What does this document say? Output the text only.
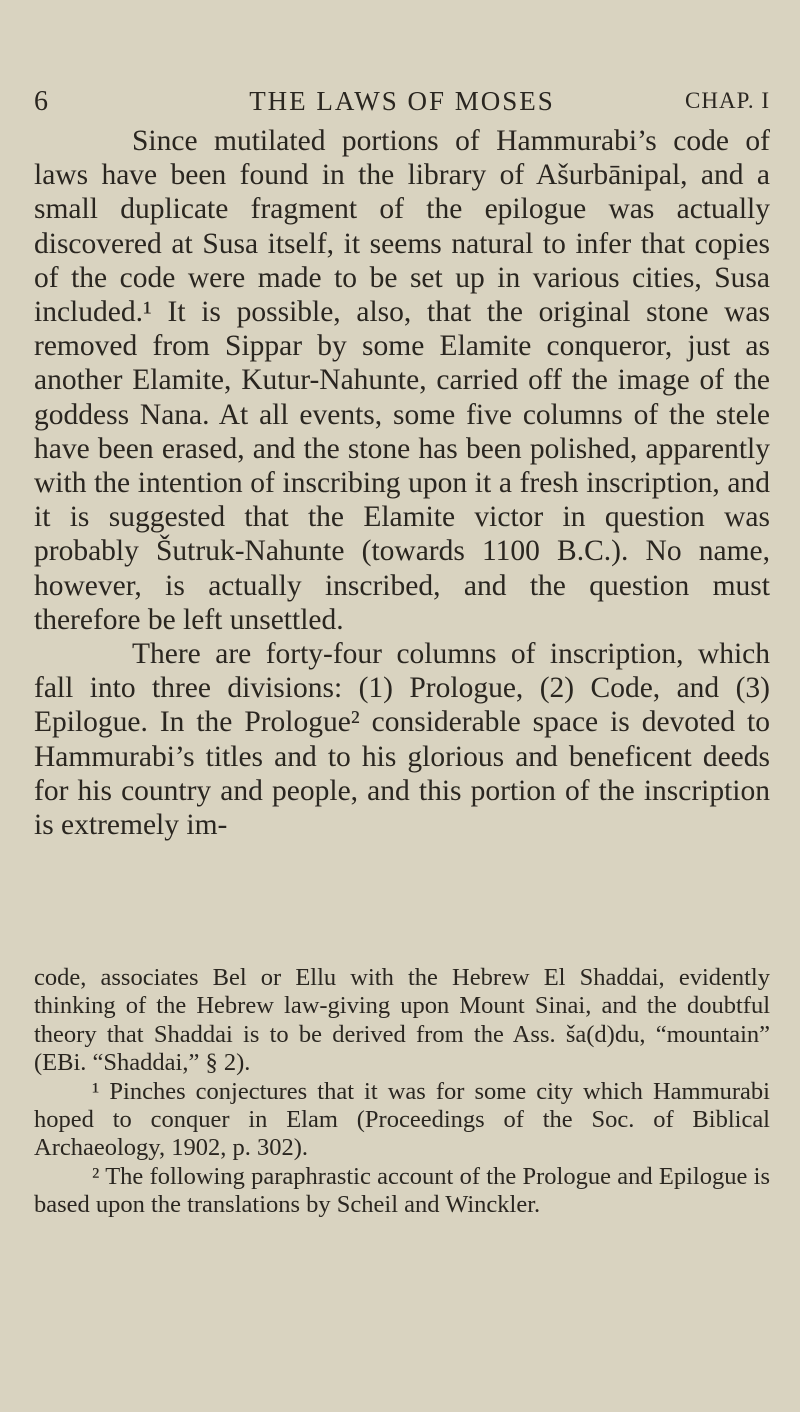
6	THE LAWS OF MOSES	CHAP. I

Since mutilated portions of Hammurabi’s code of laws have been found in the library of Ašurbānipal, and a small duplicate fragment of the epilogue was actually discovered at Susa itself, it seems natural to infer that copies of the code were made to be set up in various cities, Susa included.¹ It is possible, also, that the original stone was removed from Sippar by some Elamite conqueror, just as another Elamite, Kutur-Nahunte, carried off the image of the goddess Nana. At all events, some five columns of the stele have been erased, and the stone has been polished, apparently with the intention of inscribing upon it a fresh inscription, and it is suggested that the Elamite victor in question was probably Šutruk-Nahunte (towards 1100 B.C.). No name, however, is actually inscribed, and the question must therefore be left unsettled.

There are forty-four columns of inscription, which fall into three divisions: (1) Prologue, (2) Code, and (3) Epilogue. In the Prologue² considerable space is devoted to Hammurabi’s titles and to his glorious and beneficent deeds for his country and people, and this portion of the inscription is extremely im-

code, associates Bel or Ellu with the Hebrew El Shaddai, evidently thinking of the Hebrew law-giving upon Mount Sinai, and the doubtful theory that Shaddai is to be derived from the Ass. ša(d)du, “mountain” (EBi. “Shaddai,” § 2).

¹ Pinches conjectures that it was for some city which Hammurabi hoped to conquer in Elam (Proceedings of the Soc. of Biblical Archaeology, 1902, p. 302).

² The following paraphrastic account of the Prologue and Epilogue is based upon the translations by Scheil and Winckler.
